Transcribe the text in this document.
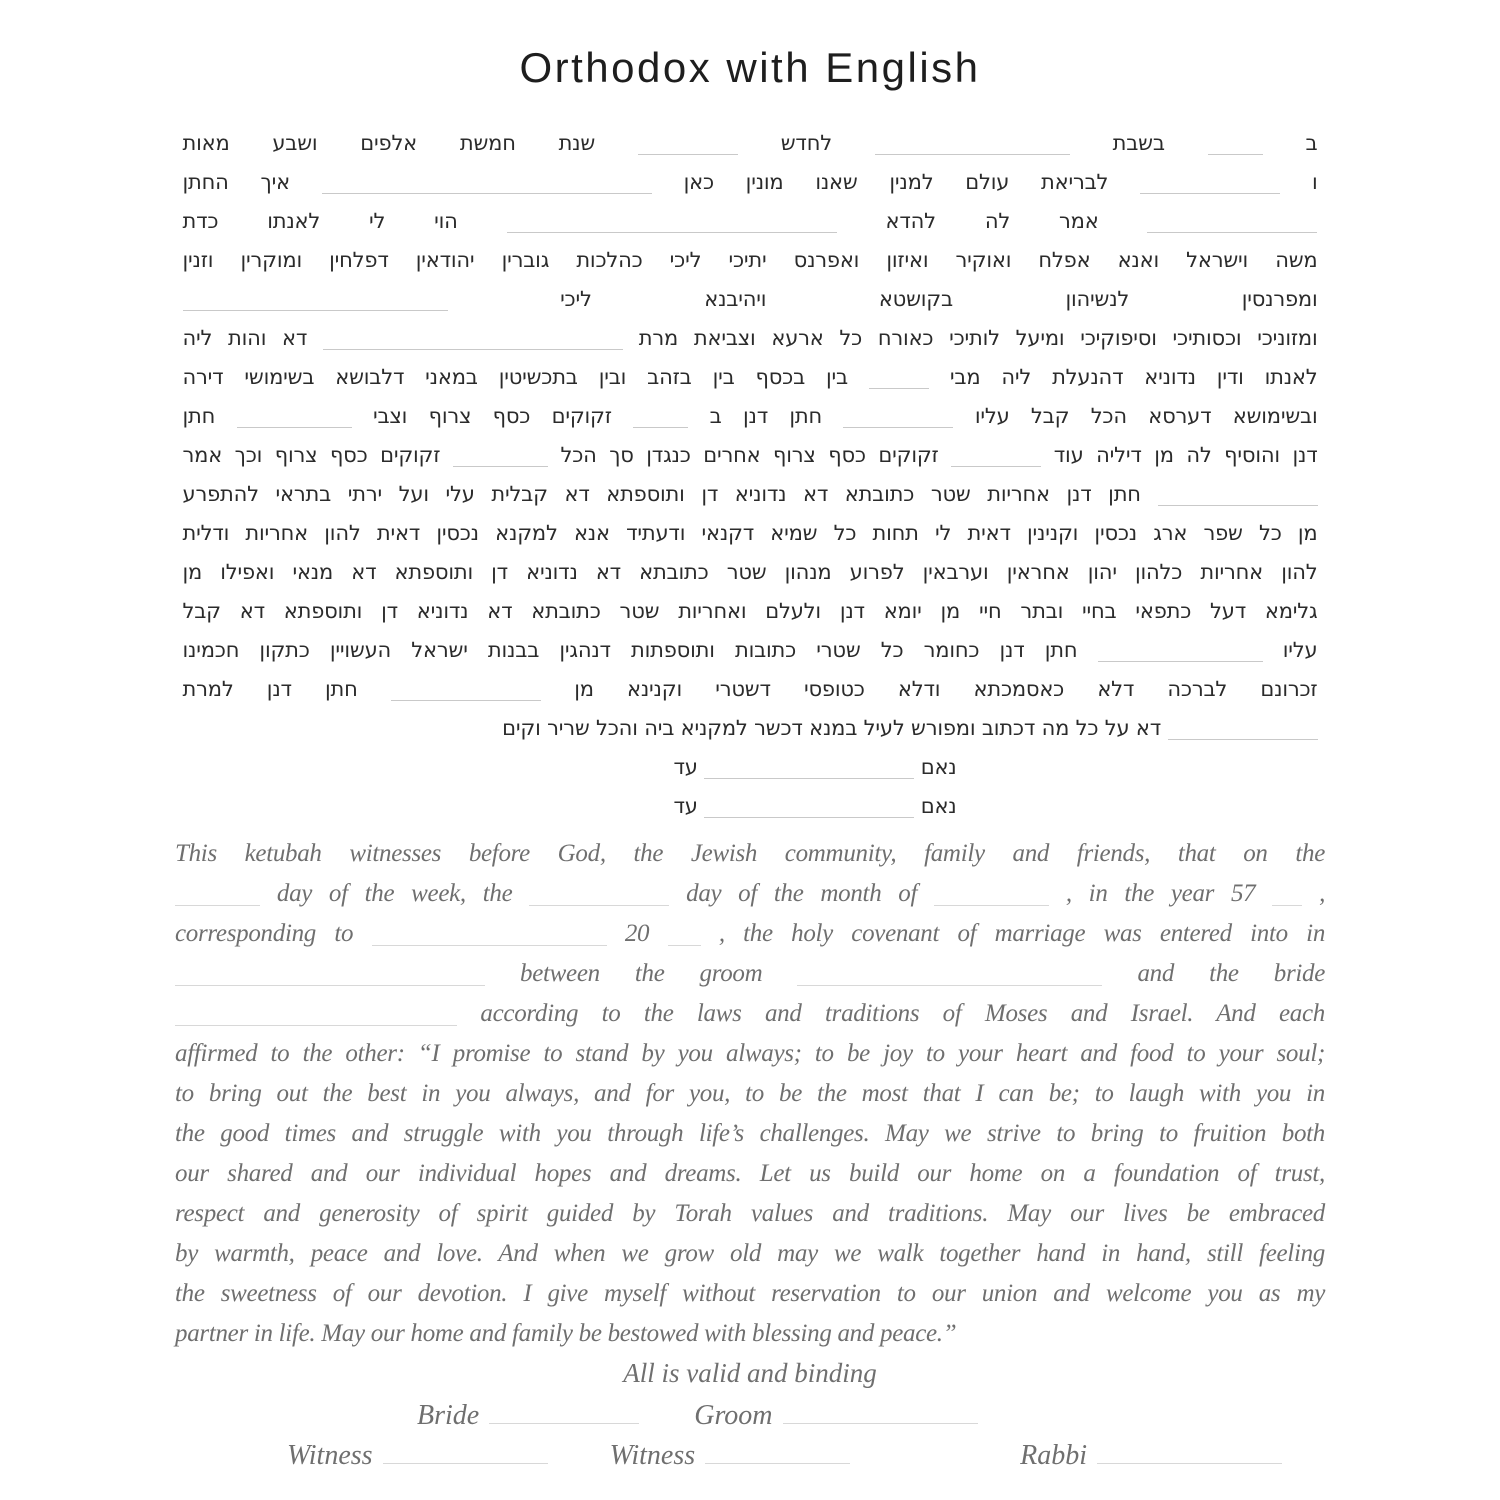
Orthodox with English
ב  בשבת  לחדש  שנת חמשת אלפים ושבע מאות
ו  לבריאת עולם למנין שאנו מונין כאן  איך החתן
אמר לה להדא  הוי לי לאנתו כדת
משה וישראל ואנא אפלח ואוקיר ואיזון ואפרנס יתיכי ליכי כהלכות גוברין יהודאין דפלחין ומוקרין וזנין
ומפרנסין לנשיהון בקושטא ויהיבנא ליכי
ומזוניכי וכסותיכי וסיפוקיכי ומיעל לותיכי כאורח כל ארעא וצביאת מרת  דא והות ליה
לאנתו ודין נדוניא דהנעלת ליה מבי  בין בכסף בין בזהב ובין בתכשיטין במאני דלבושא בשימושי דירה
ובשימושא דערסא הכל קבל עליו  חתן דנן ב  זקוקים כסף צרוף וצבי  חתן
דנן והוסיף לה מן דיליה עוד  זקוקים כסף צרוף אחרים כנגדן סך הכל  זקוקים כסף צרוף וכך אמר
חתן דנן אחריות שטר כתובתא דא נדוניא דן ותוספתא דא קבלית עלי ועל ירתי בתראי להתפרע
מן כל שפר ארג נכסין וקנינין דאית לי תחות כל שמיא דקנאי ודעתיד אנא למקנא נכסין דאית להון אחריות ודלית
להון אחריות כלהון יהון אחראין וערבאין לפרוע מנהון שטר כתובתא דא נדוניא דן ותוספתא דא מנאי ואפילו מן
גלימא דעל כתפאי בחיי ובתר חיי מן יומא דנן ולעלם ואחריות שטר כתובתא דא נדוניא דן ותוספתא דא קבל
עליו  חתן דנן כחומר כל שטרי כתובות ותוספתות דנהגין בבנות ישראל העשויין כתקון חכמינו
זכרונם לברכה דלא כאסמכתא ודלא כטופסי דשטרי וקנינא מן  חתן דנן למרת
דא על כל מה דכתוב ומפורש לעיל במנא דכשר למקניא ביה והכל שריר וקים
נאם  עד
נאם  עד
This ketubah witnesses before God, the Jewish community, family and friends, that on the
day of the week, the	day of the month of	, in the year 57	,
corresponding to	20	, the holy covenant of marriage was entered into in
between the groom	and the bride
according to the laws and traditions of Moses and Israel. And each
affirmed to the other: “I promise to stand by you always; to be joy to your heart and food to your soul;
to bring out the best in you always, and for you, to be the most that I can be; to laugh with you in
the good times and struggle with you through life’s challenges. May we strive to bring to fruition both
our shared and our individual hopes and dreams. Let us build our home on a foundation of trust,
respect and generosity of spirit guided by Torah values and traditions. May our lives be embraced
by warmth, peace and love. And when we grow old may we walk together hand in hand, still feeling
the sweetness of our devotion. I give myself without reservation to our union and welcome you as my
partner in life. May our home and family be bestowed with blessing and peace.”
All is valid and binding
Bride	Groom
Witness	Witness	Rabbi
